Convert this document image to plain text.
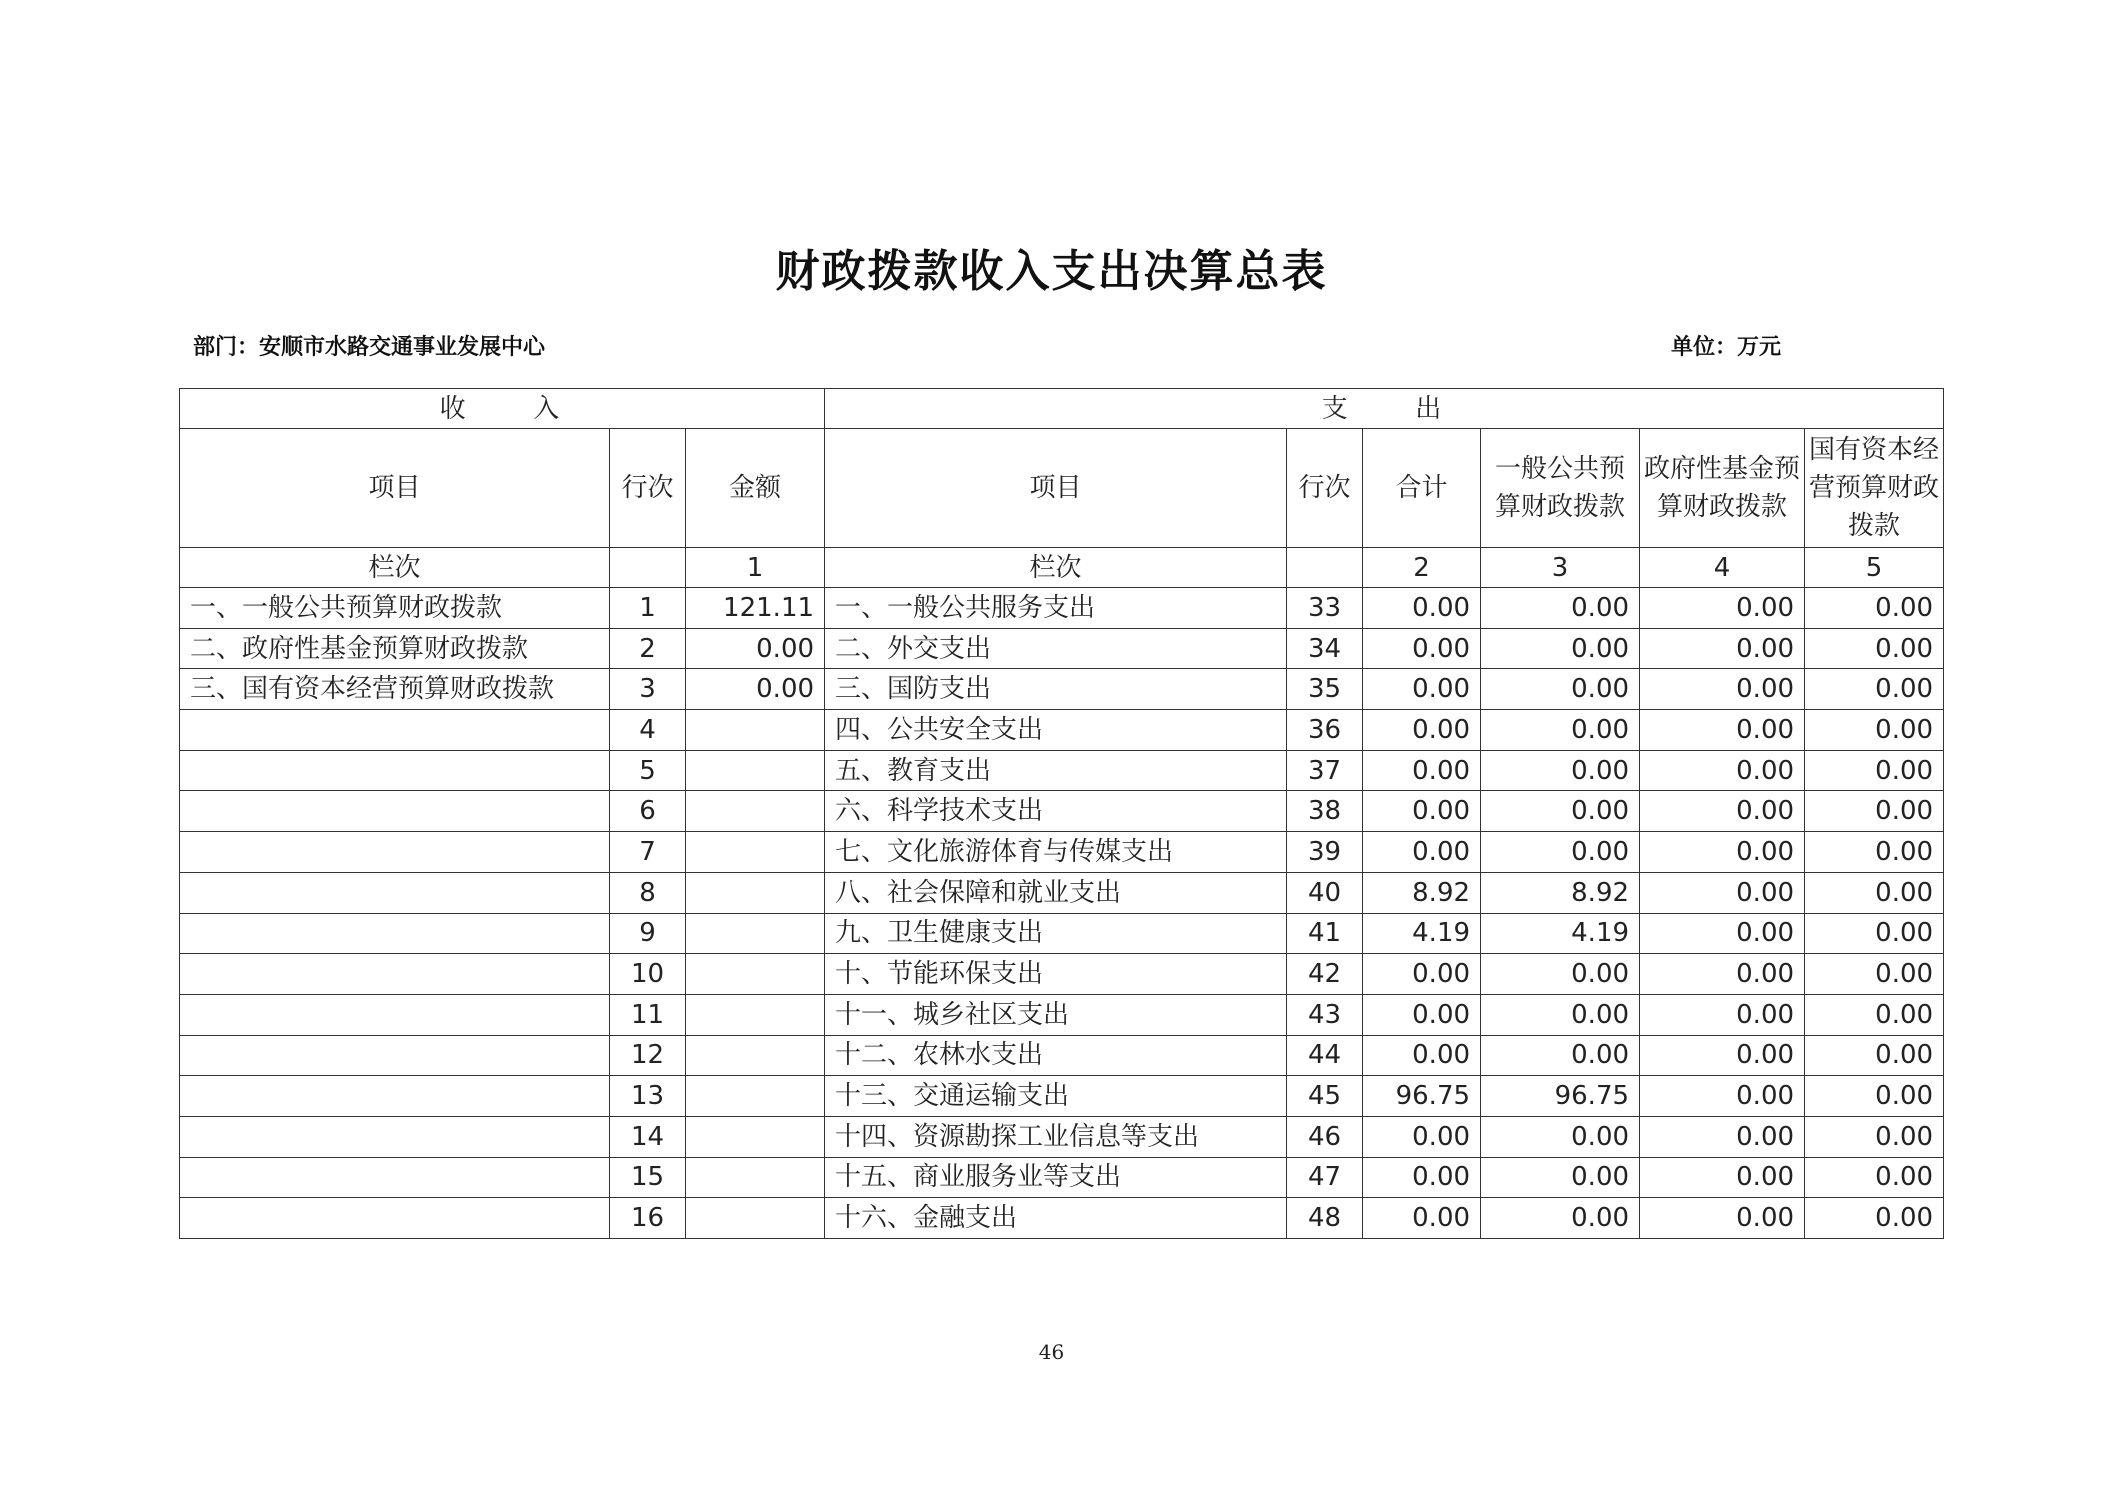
财政拨款收入支出决算总表
部门：安顺市水路交通事业发展中心	单位：万元
收　　入			支　　出					
项目	行次	金额	项目	行次	合计	一般公共预算财政拨款	政府性基金预算财政拨款	国有资本经营预算财政拨款
栏次		1	栏次		2	3	4	5
一、一般公共预算财政拨款	1	121.11	一、一般公共服务支出	33	0.00	0.00	0.00	0.00
二、政府性基金预算财政拨款	2	0.00	二、外交支出	34	0.00	0.00	0.00	0.00
三、国有资本经营预算财政拨款	3	0.00	三、国防支出	35	0.00	0.00	0.00	0.00
	4		四、公共安全支出	36	0.00	0.00	0.00	0.00
	5		五、教育支出	37	0.00	0.00	0.00	0.00
	6		六、科学技术支出	38	0.00	0.00	0.00	0.00
	7		七、文化旅游体育与传媒支出	39	0.00	0.00	0.00	0.00
	8		八、社会保障和就业支出	40	8.92	8.92	0.00	0.00
	9		九、卫生健康支出	41	4.19	4.19	0.00	0.00
	10		十、节能环保支出	42	0.00	0.00	0.00	0.00
	11		十一、城乡社区支出	43	0.00	0.00	0.00	0.00
	12		十二、农林水支出	44	0.00	0.00	0.00	0.00
	13		十三、交通运输支出	45	96.75	96.75	0.00	0.00
	14		十四、资源勘探工业信息等支出	46	0.00	0.00	0.00	0.00
	15		十五、商业服务业等支出	47	0.00	0.00	0.00	0.00
	16		十六、金融支出	48	0.00	0.00	0.00	0.00
46
